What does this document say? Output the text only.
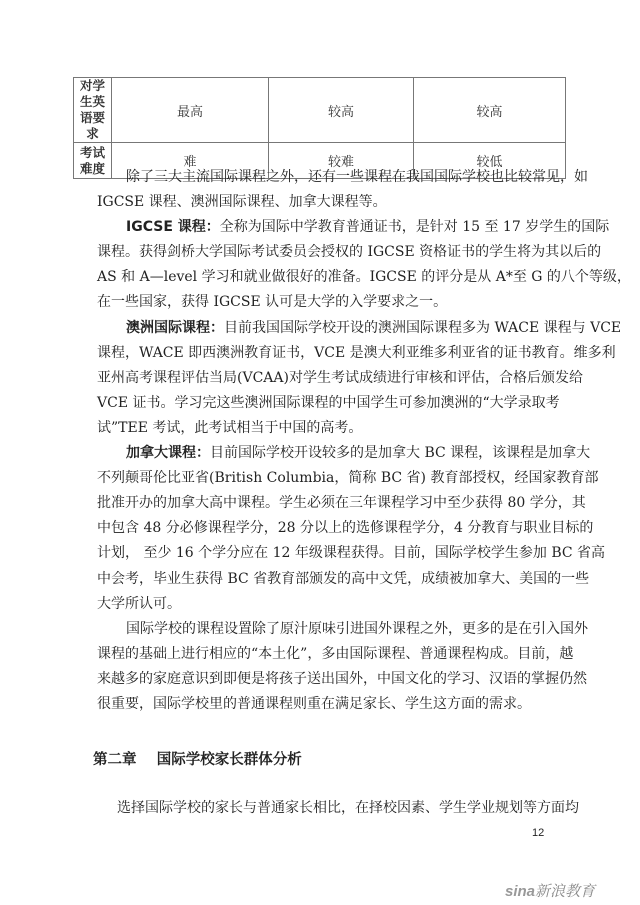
对学生英语要求	最高	较高	较高
考试难度	难	较难	较低
除了三大主流国际课程之外，还有一些课程在我国国际学校也比较常见，如
IGCSE 课程、澳洲国际课程、加拿大课程等。
IGCSE 课程：全称为国际中学教育普通证书，是针对 15 至 17 岁学生的国际
课程。获得剑桥大学国际考试委员会授权的 IGCSE 资格证书的学生将为其以后的
AS 和 A—level 学习和就业做很好的准备。IGCSE 的评分是从 A*至 G 的八个等级，
在一些国家，获得 IGCSE 认可是大学的入学要求之一。
澳洲国际课程：目前我国国际学校开设的澳洲国际课程多为 WACE 课程与 VCE
课程，WACE 即西澳洲教育证书，VCE 是澳大利亚维多利亚省的证书教育。维多利
亚州高考课程评估当局(VCAA)对学生考试成绩进行审核和评估，合格后颁发给
VCE 证书。学习完这些澳洲国际课程的中国学生可参加澳洲的“大学录取考
试”TEE 考试，此考试相当于中国的高考。
加拿大课程：目前国际学校开设较多的是加拿大 BC 课程，该课程是加拿大
不列颠哥伦比亚省(British Columbia，简称 BC 省) 教育部授权，经国家教育部
批准开办的加拿大高中课程。学生必须在三年课程学习中至少获得 80 学分，其
中包含 48 分必修课程学分，28 分以上的选修课程学分，4 分教育与职业目标的
计划， 至少 16 个学分应在 12 年级课程获得。目前，国际学校学生参加 BC 省高
中会考，毕业生获得 BC 省教育部颁发的高中文凭，成绩被加拿大、美国的一些
大学所认可。
国际学校的课程设置除了原汁原味引进国外课程之外，更多的是在引入国外
课程的基础上进行相应的“本土化”，多由国际课程、普通课程构成。目前，越
来越多的家庭意识到即便是将孩子送出国外，中国文化的学习、汉语的掌握仍然
很重要，国际学校里的普通课程则重在满足家长、学生这方面的需求。
第二章    国际学校家长群体分析
选择国际学校的家长与普通家长相比，在择校因素、学生学业规划等方面均
12
sina新浪教育
